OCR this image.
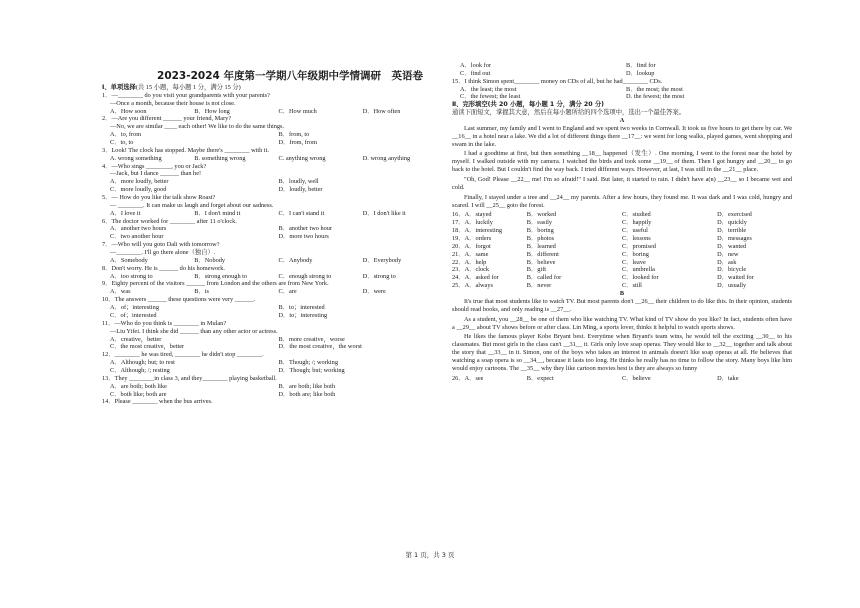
2023-2024 年度第一学期八年级期中学情调研　英语卷
Ⅰ、单项选择(共 15 小题，每小题 1 分，满分 15 分)
1．—________ do you visit your grandparents with your parents?
—Once a month, because their house is not close.
A．How soon	B．How long	C．How much	D．How often
2．—Are you different ______ your friend, Mary?
—No, we are similar ____ each other! We like to do the same things.
A．to, from	B．from, to
C．to, to	D．from, from
3．Look! The clock has stopped. Maybe there's ________ with it.
A. wrong something	B. something wrong	C. anything wrong	D. wrong anything
4．—Who sings ________, you or Jack?
—Jack, but I dance ______ than he!
A．more loudly, better	B．loudly, well
C．more loudly, good	D．loudly, better
5．— How do you like the talk show Roast?
— ________. It can make us laugh and forget about our sadness.
A．I love it	B．I don't mind it	C．I can't stand it	D．I don't like it
6．The doctor worked for ________ after 11 o'clock.
A．another two hours	B．another two hour
C．two another hour	D．more two hours
7．—Who will you goto Dali with tomorrow?
—________. I'll go there alone（独自）.
A．Somebody	B．Nobody	C．Anybody	D．Everybody
8．Don't worry. He is ______ do his homework.
A．too strong to	B．strong enough to	C．enough strong to	D．strong to
9．Eighty percent of the visitors ______ from London and the others are from New York.
A．was	B．is	C．are	D．were
10．The answers ______ these questions were very ______.
A．of；interesting	B．to；interested
C．of；interested	D．to；interesting
11．—Who do you think is ________ in Mulan?
—Liu Yifei. I think she did ______ than any other actor or actress.
A．creative，better	B．more creative，worse
C．the most creative，better	D．the most creative，the worst
12．________ he was tired, ________ he didn't stop ________.
A．Although; but; to rest	B．Though; /; working
C．Although; /; resting	D．Though; but; working
13．They ________in class 3, and they________ playing basketball.
A．are both; both like	B．are both; like both
C．both like; both are	D．both are; like both
14．Please ________ when the bus arrives.
A．look for	B．find for
C．find out	D．lookup
15．I think Simon spent________ money on CDs of all, but he had________ CDs.
A．the least; the most	B．the most; the most
C．the fewest; the least	D. the fewest; the most
Ⅱ、完形填空(共 20 小题，每小题 1 分，满分 20 分)
通读下面短文，掌握其大意，然后在每小题所给的四个选项中，选出一个最佳答案。
A
Last summer, my family and I went to England and we spent two weeks in Cornwall. It took us five hours to get there by car. We __16__ in a hotel near a lake. We did a lot of different things there __17__: we went for long walks, played games, went shopping and swam in the lake.
I had a goodtime at first, but then something __18__ happened（发生）. One morning, I went to the forest near the hotel by myself. I walked outside with my camera. I watched the birds and took some __19__ of them. Then I got hungry and __20__ to go back to the hotel. But I couldn't find the way back. I tried different ways. However, at last, I was still in the __21__ place.
"Oh, God! Please __22__ me! I'm so afraid!" I said. But later, it started to rain. I didn't have a(n) __23__ so I became wet and cold.
Finally, I stayed under a tree and __24__ my parents. After a few hours, they found me. It was dark and I was cold, hungry and scared. I will __25__ goto the forest.
16．A．stayed	B．worked	C．studied	D．exercised
17．A．luckily	B．easily	C．happily	D．quickly
18．A．interesting	B．boring	C．useful	D．terrible
19．A．orders	B．photos	C．lessons	D．messages
20．A．forgot	B．learned	C．promised	D．wanted
21．A．same	B．different	C．boring	D．new
22．A．help	B．believe	C．leave	D．ask
23．A．clock	B．gift	C．umbrella	D．bicycle
24．A．asked for	B．called for	C．looked for	D．waited for
25．A．always	B．never	C．still	D．usually
B
It's true that most students like to watch TV. But most parents don't __26__ their children to do like this. In their opinion, students should read books, and only reading is __27__.
As a student, you __28__ be one of them who like watching TV. What kind of TV show do you like? In fact, students often have a __29__ about TV shows before or after class. Lin Ming, a sports lover, thinks it helpful to watch sports shows.
He likes the famous player Kobe Bryant best. Everytime when Bryant's team wins, he would tell the exciting __30__ to his classmates. But most girls in the class can't __31__ it. Girls only love soap operas. They would like to __32__ together and talk about the story that __33__ in it. Simon, one of the boys who takes an interest in animals doesn't like soap operas at all. He believes that watching a soap opera is so __34__, because it lasts too long. He thinks he really has no time to follow the story. Many boys like him would enjoy cartoons. The __35__ why they like cartoon movies best is they are always so funny
26．A．see	B．expect	C．believe	D．take
第 1 页，共 3 页
